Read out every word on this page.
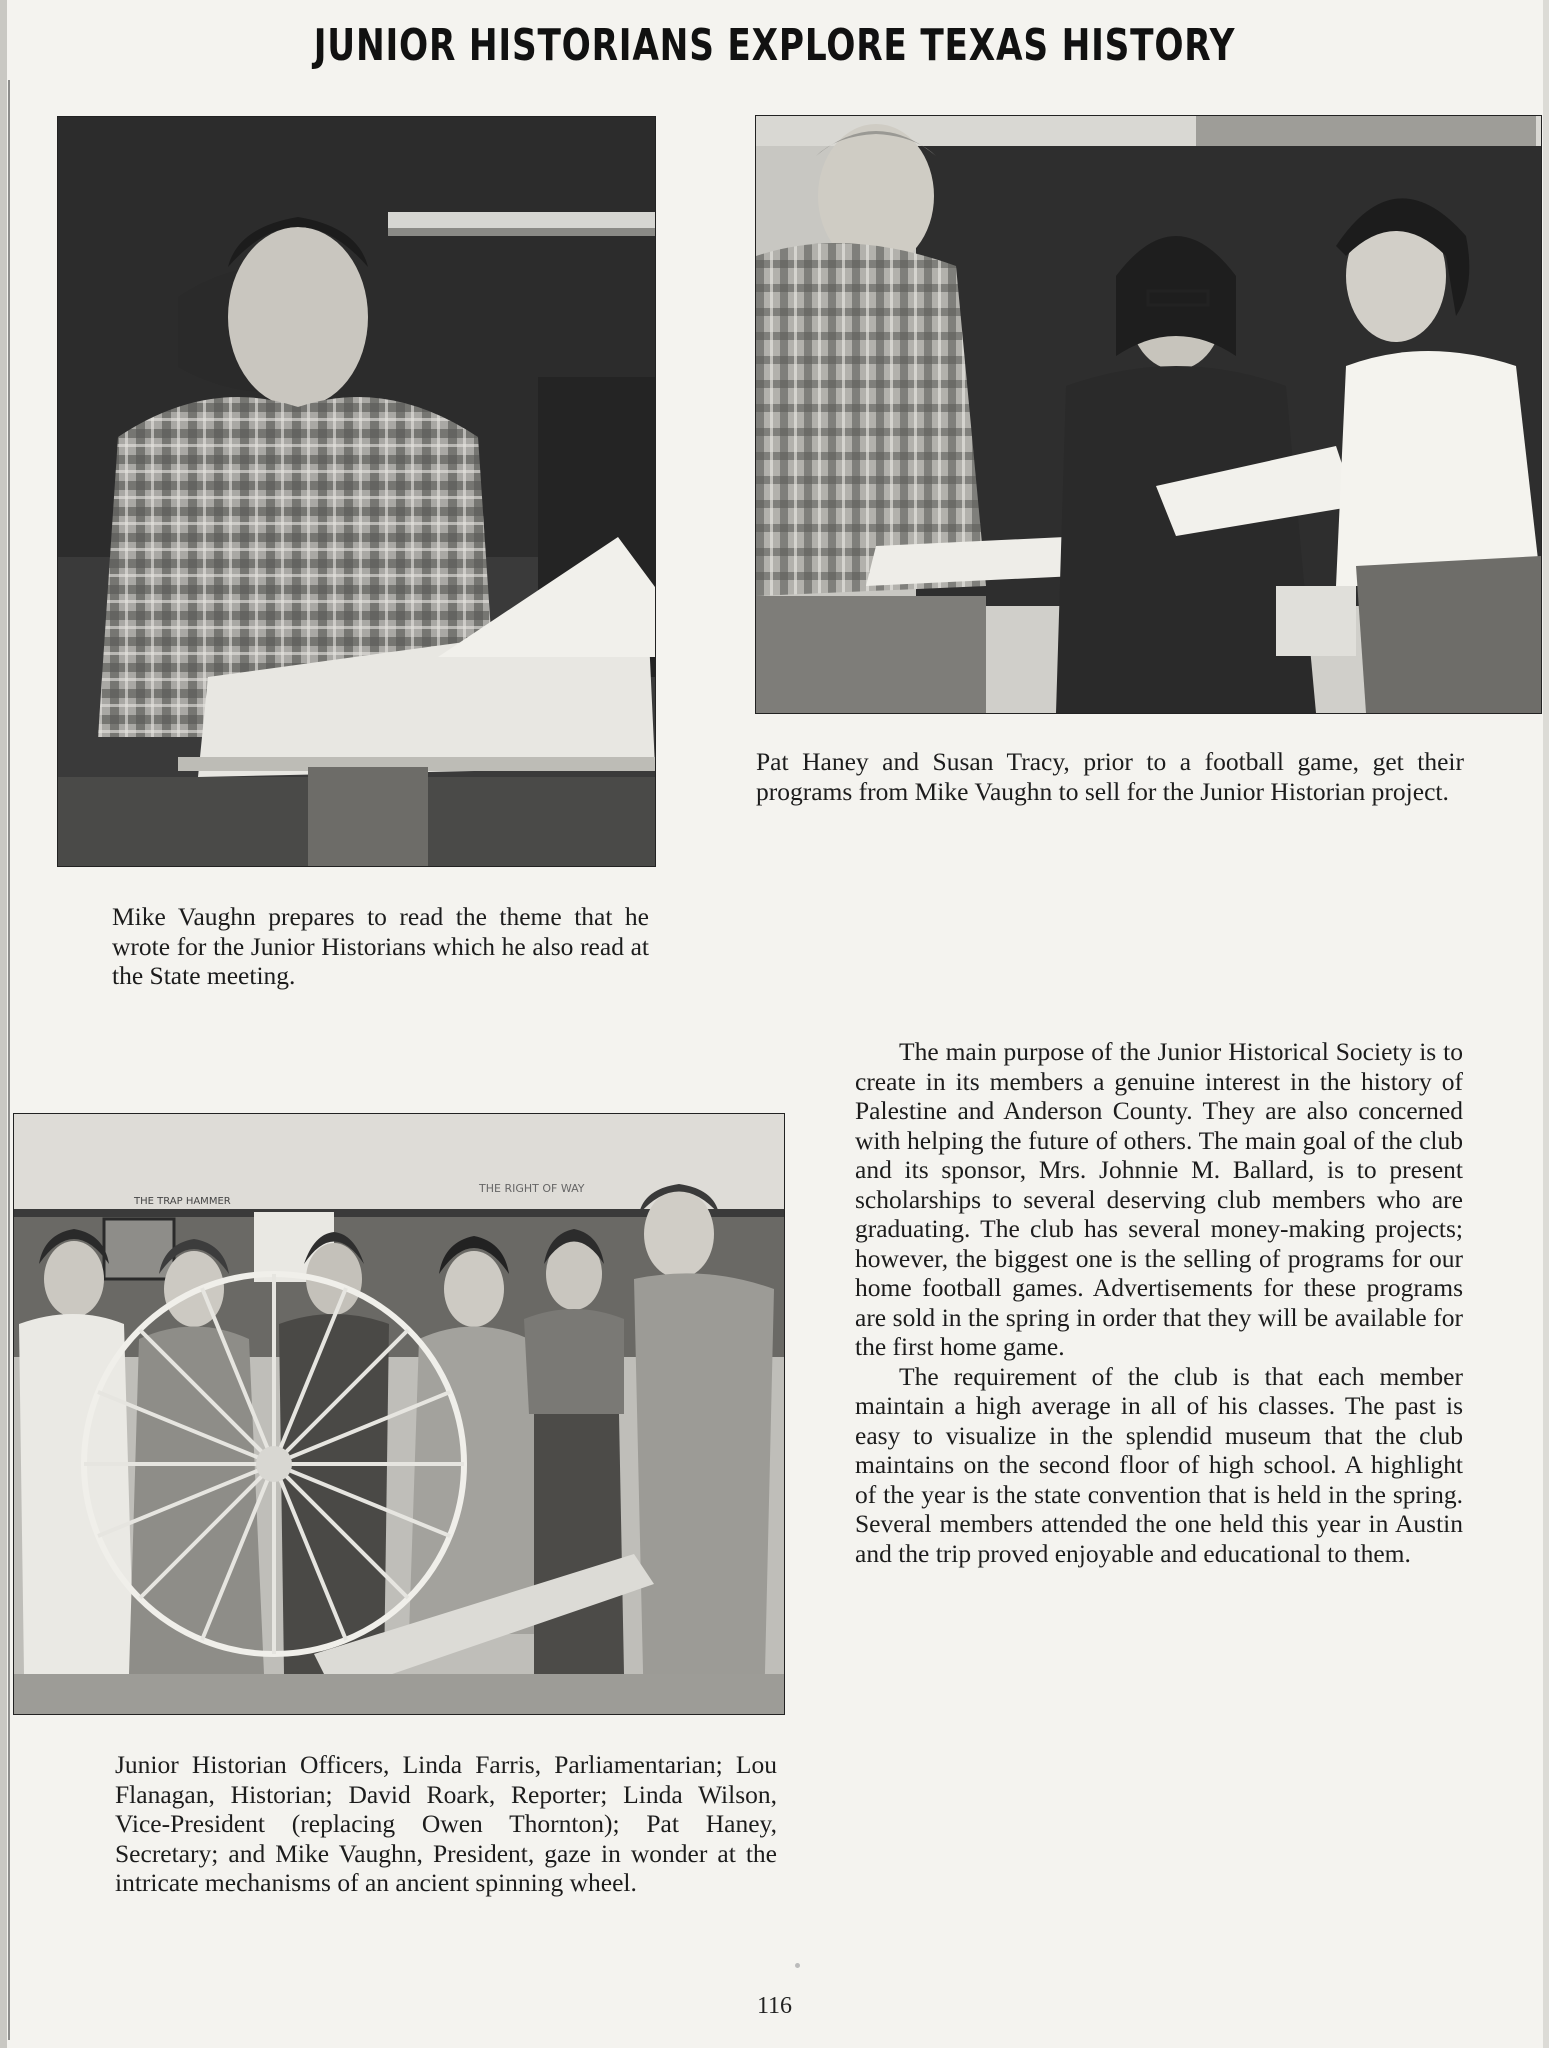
JUNIOR HISTORIANS EXPLORE TEXAS HISTORY
THE TRAP HAMMER
THE RIGHT OF WAY

Mike Vaughn prepares to read the theme that he wrote for the Junior Historians which he also read at the State meeting.

Pat Haney and Susan Tracy, prior to a football game, get their programs from Mike Vaughn to sell for the Junior Historian project.

Junior Historian Officers, Linda Farris, Parliamentarian; Lou Flanagan, Historian; David Roark, Reporter; Linda Wilson, Vice-President (replacing Owen Thornton); Pat Haney, Secretary; and Mike Vaughn, President, gaze in wonder at the intricate mechanisms of an ancient spinning wheel.

The main purpose of the Junior Historical Society is to create in its members a genuine interest in the history of Palestine and Anderson County. They are also concerned with helping the future of others. The main goal of the club and its sponsor, Mrs. Johnnie M. Ballard, is to present scholarships to several deserving club members who are graduating. The club has several money-making projects; however, the biggest one is the selling of programs for our home football games. Advertisements for these programs are sold in the spring in order that they will be available for the first home game.

The requirement of the club is that each member maintain a high average in all of his classes. The past is easy to visualize in the splendid museum that the club maintains on the second floor of high school. A highlight of the year is the state convention that is held in the spring. Several members attended the one held this year in Austin and the trip proved enjoyable and educational to them.

116
